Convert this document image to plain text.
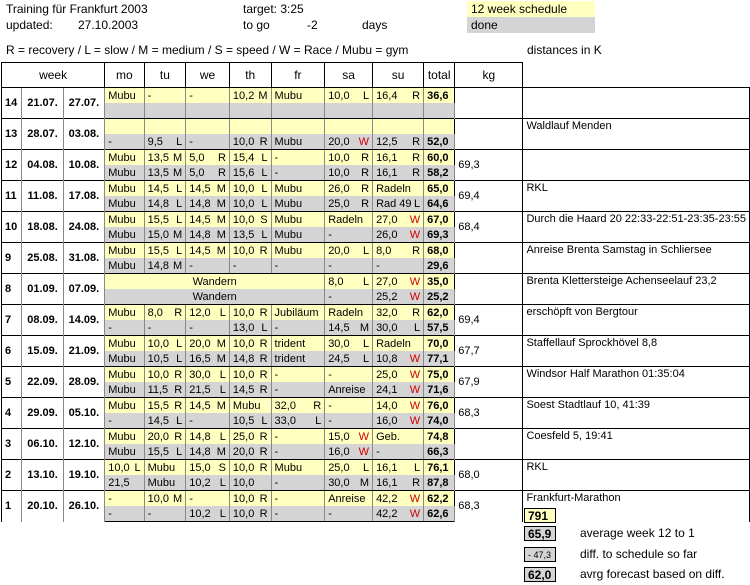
Training für Frankfurt 2003
updated: 27.10.2003
target: 3:25
to go	-2	days
12 week schedule
done
R = recovery / L = slow / M = medium / S = speed / W = Race / Mubu = gym	distances in K
week			mo	tu	we	th	fr	sa	su	total	kg	
14	21.07.	27.07.	Mubu	-	-	10,2 M	Mubu	10,0 L	16,4 R	36,6		

13	28.07.	03.08.										Waldlauf Menden

			-	9,5 L	-	10,0 R	Mubu	20,0 W	12,5 R	52,0		
12	04.08.	10.08.	Mubu	13,5 M	5,0 R	15,4 L	-	10,0 R	16,1 R	60,0	69,3	

			Mubu	13,5 M	5,0 R	15,6 L	-	10,0 R	16,1 R	58,2		
11	11.08.	17.08.	Mubu	14,5 L	14,5 M	10,0 L	Mubu	26,0 R	Radeln	65,0	69,4	RKL

			Mubu	14,8 L	14,8 M	10,0 L	Mubu	25,0 R	Rad 49 L	64,6		
10	18.08.	24.08.	Mubu	15,5 L	14,5 M	10,0 S	Mubu	Radeln	27,0 W	67,0	68,4	Durch die Haard 20 22:33-22:51-23:35-23:55

			Mubu	15,0 M	14,8 M	13,5 L	Mubu	-	26,0 W	69,3		
9	25.08.	31.08.	Mubu	15,5 L	14,5 M	10,0 R	Mubu	20,0 L	8,0 R	68,0		Anreise Brenta Samstag in Schliersee

			Mubu	14,8 M	-	-	-	-	-	29,6		
8	01.09.	07.09.	Wandern					8,0 L	27,0 W	35,0		Brenta Klettersteige Achenseelauf 23,2

			Wandern					-	25,2 W	25,2		
7	08.09.	14.09.	Mubu	8,0 R	12,0 L	10,0 R	Jubiläum	Radeln	32,0 R	62,0	69,4	erschöpft von Bergtour

			-	-	-	13,0 L	-	14,5 M	30,0 L	57,5		
6	15.09.	21.09.	Mubu	10,0 L	20,0 M	10,0 R	trident	30,0 L	Radeln	70,0	67,7	Staffellauf Sprockhövel 8,8

			Mubu	10,5 L	16,5 M	14,8 R	trident	24,5 L	10,8 W	77,1		
5	22.09.	28.09.	Mubu	10,0 R	30,0 L	10,0 R	-	-	25,0 W	75,0	67,9	Windsor Half Marathon 01:35:04

			Mubu	11,5 R	21,5 L	14,5 R	-	Anreise	24,1 W	71,6		
4	29.09.	05.10.	Mubu	15,5 R	14,5 M	Mubu	32,0 R	-	14,0 W	76,0	68,3	Soest Stadtlauf 10, 41:39

			-	14,5 L	-	10,5 L	33,0 L	-	16,0 W	74,0		
3	06.10.	12.10.	Mubu	20,0 R	14,8 L	25,0 R	-	15,0 W	Geb.	74,8		Coesfeld 5, 19:41

			Mubu	15,5 L	14,8 M	20,0 R	-	16,0 W	-	66,3		
2	13.10.	19.10.	10,0 L	Mubu	15,0 S	10,0 R	Mubu	25,0 L	16,1 L	76,1	68,0	RKL

			21,5	Mubu	10,2 L	10,0	-	30,0 M	16,1 R	87,8		
1	20.10.	26.10.	-	10,0 M	-	10,0 R	-	Anreise	42,2 W	62,2	68,3	Frankfurt-Marathon

			-	-	10,2 L	10,0 R	-	-	42,2 W	62,6			791
65,9	average week 12 to 1
- 47,3	diff. to schedule so far
62,0	avrg forecast based on diff.
